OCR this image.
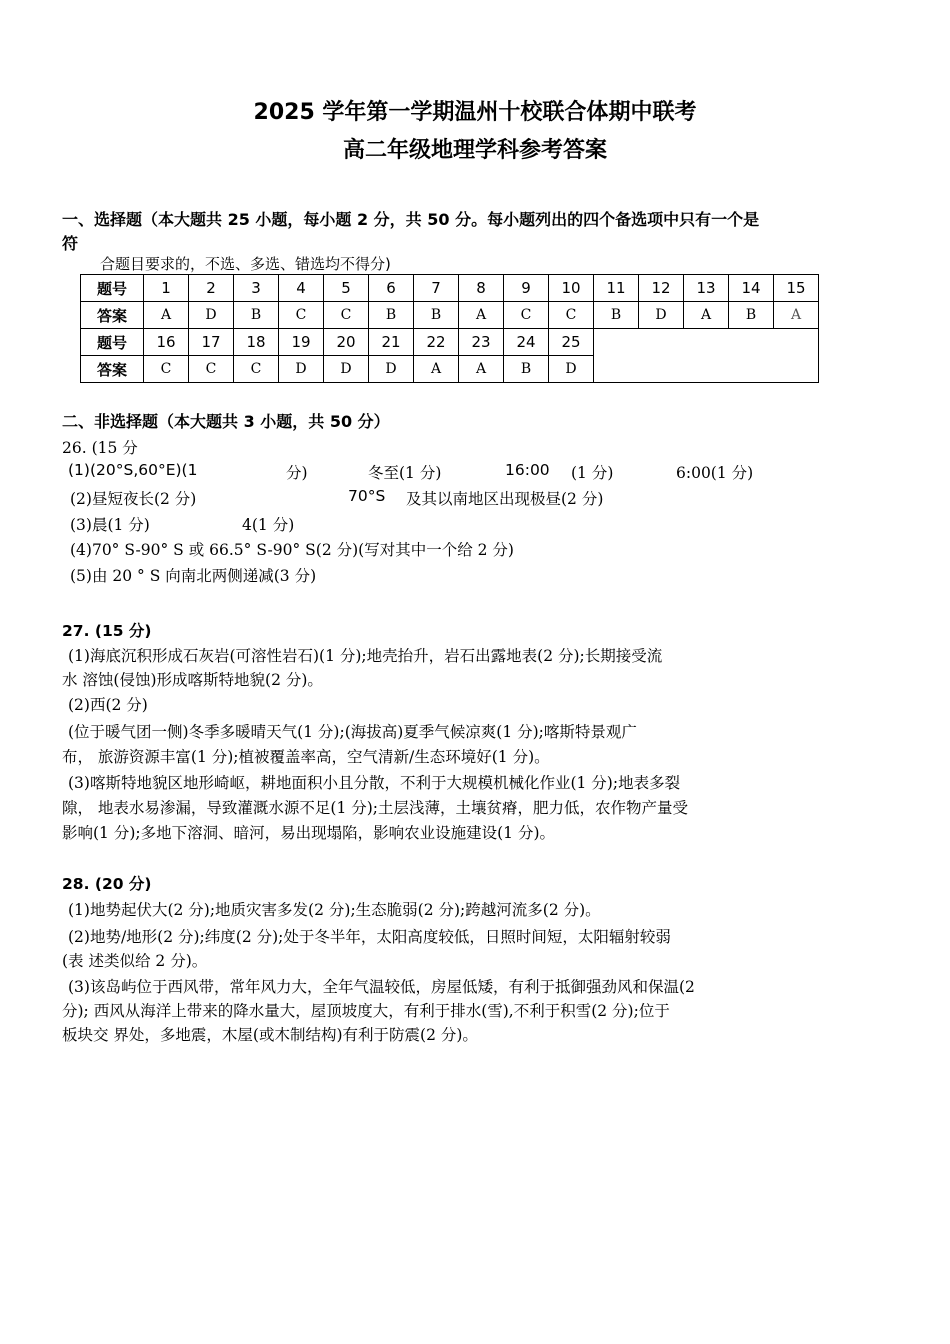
2025 学年第一学期温州十校联合体期中联考
高二年级地理学科参考答案
一、选择题（本大题共 25 小题，每小题 2 分，共 50 分。每小题列出的四个备选项中只有一个是
符
合题目要求的，不选、多选、错选均不得分)
题号	1	2	3	4	5	6	7	8	9	10	11	12	13	14	15
答案	A	D	B	C	C	B	B	A	C	C	B	D	A	B	A
题号	16	17	18	19	20	21	22	23	24	25					
答案	C	C	C	D	D	D	A	A	B	D					
二、非选择题（本大题共 3 小题，共 50 分）
26. (15 分
(1)(20°S,60°E)(1	分)	冬至(1 分)	16:00 (1 分)	6:00(1 分)
(2)昼短夜长(2 分)	70°S 及其以南地区出现极昼(2 分)
(3)晨(1 分)	4(1 分)
(4)70° S-90° S 或 66.5° S-90° S(2 分)(写对其中一个给 2 分)
(5)由 20 ° S 向南北两侧递减(3 分)
27. (15 分)
(1)海底沉积形成石灰岩(可溶性岩石)(1 分);地壳抬升，岩石出露地表(2 分);长期接受流
水 溶蚀(侵蚀)形成喀斯特地貌(2 分)。
(2)西(2 分)
(位于暖气团一侧)冬季多暖晴天气(1 分);(海拔高)夏季气候凉爽(1 分);喀斯特景观广
布， 旅游资源丰富(1 分);植被覆盖率高，空气清新/生态环境好(1 分)。
(3)喀斯特地貌区地形崎岖，耕地面积小且分散，不利于大规模机械化作业(1 分);地表多裂
隙， 地表水易渗漏，导致灌溉水源不足(1 分);土层浅薄，土壤贫瘠，肥力低，农作物产量受
影响(1 分);多地下溶洞、暗河，易出现塌陷，影响农业设施建设(1 分)。
28. (20 分)
(1)地势起伏大(2 分);地质灾害多发(2 分);生态脆弱(2 分);跨越河流多(2 分)。
(2)地势/地形(2 分);纬度(2 分);处于冬半年，太阳高度较低，日照时间短，太阳辐射较弱
(表 述类似给 2 分)。
(3)该岛屿位于西风带，常年风力大，全年气温较低，房屋低矮，有利于抵御强劲风和保温(2
分); 西风从海洋上带来的降水量大，屋顶坡度大，有利于排水(雪),不利于积雪(2 分);位于
板块交 界处，多地震，木屋(或木制结构)有利于防震(2 分)。
